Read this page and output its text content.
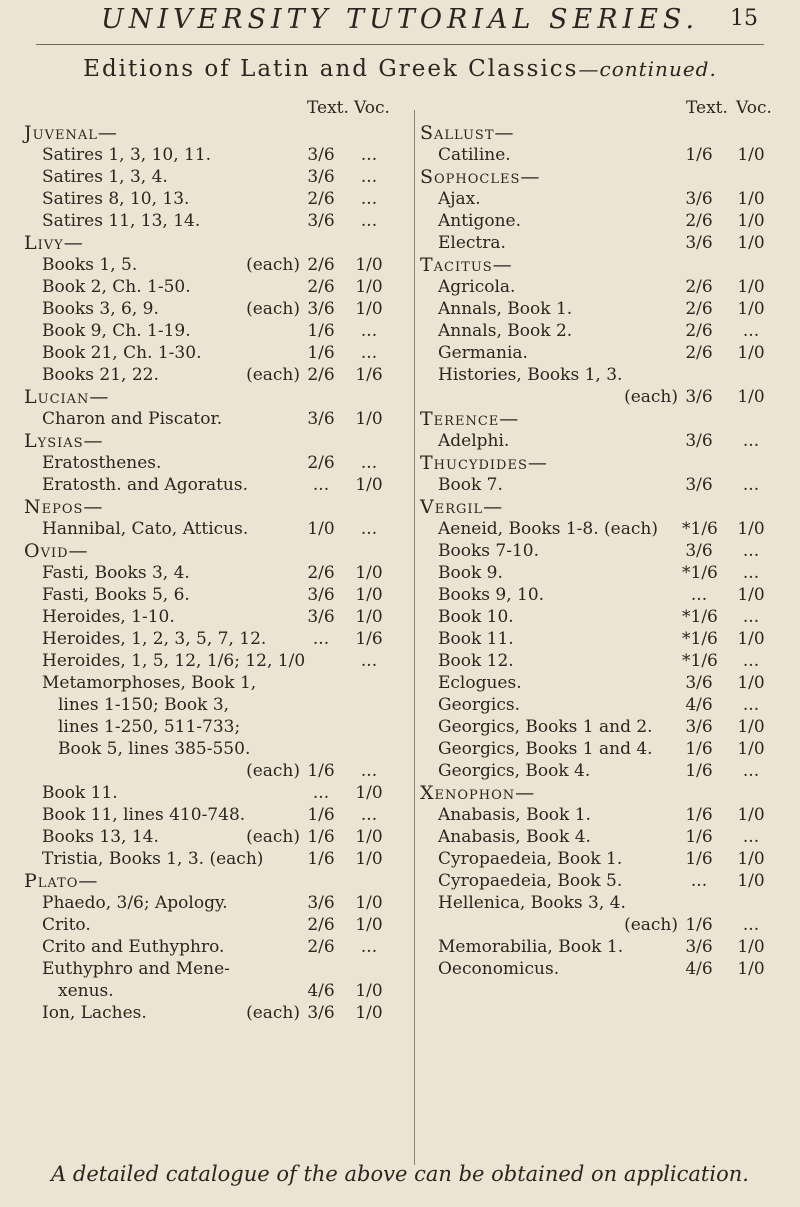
UNIVERSITY TUTORIAL SERIES.	15
Editions of Latin and Greek Classics—continued.
Text. Voc.
Juvenal—
Satires 1, 3, 10, 11.	3/6	...
Satires 1, 3, 4.	3/6	...
Satires 8, 10, 13.	2/6	...
Satires 11, 13, 14.	3/6	...
Livy—
Books 1, 5.	(each) 2/6 1/0
Book 2, Ch. 1-50.	2/6 1/0
Books 3, 6, 9.	(each) 3/6 1/0
Book 9, Ch. 1-19.	1/6	...
Book 21, Ch. 1-30.	1/6	...
Books 21, 22.	(each) 2/6 1/6
Lucian—
Charon and Piscator.	3/6 1/0
Lysias—
Eratosthenes.	2/6	...
Eratosth. and Agoratus.	...	1/0
Nepos—
Hannibal, Cato, Atticus.	1/0	...
Ovid—
Fasti, Books 3, 4.	2/6 1/0
Fasti, Books 5, 6.	3/6 1/0
Heroides, 1-10.	3/6 1/0
Heroides, 1, 2, 3, 5, 7, 12.	...	1/6
Heroides, 1, 5, 12, 1/6; 12, 1/0	...
Metamorphoses, Book 1,
lines 1-150; Book 3,
lines 1-250, 511-733;
Book 5, lines 385-550.
(each) 1/6	...
Book 11.	...	1/0
Book 11, lines 410-748.	1/6	...
Books 13, 14.	(each) 1/6 1/0
Tristia, Books 1, 3. (each)	1/6 1/0
Plato—
Phaedo, 3/6; Apology.	3/6 1/0
Crito.	2/6 1/0
Crito and Euthyphro.	2/6	...
Euthyphro and Mene-
xenus.	4/6 1/0
Ion, Laches.	(each) 3/6 1/0
Text. Voc.
Sallust—
Catiline.	1/6 1/0
Sophocles—
Ajax.	3/6 1/0
Antigone.	2/6 1/0
Electra.	3/6 1/0
Tacitus—
Agricola.	2/6 1/0
Annals, Book 1.	2/6 1/0
Annals, Book 2.	2/6	...
Germania.	2/6 1/0
Histories, Books 1, 3.
(each) 3/6 1/0
Terence—
Adelphi.	3/6	...
Thucydides—
Book 7.	3/6	...
Vergil—
Aeneid, Books 1-8. (each) *1/6 1/0
Books 7-10.	3/6	...
Book 9.	*1/6	...
Books 9, 10.	...	1/0
Book 10.	*1/6	...
Book 11.	*1/6 1/0
Book 12.	*1/6	...
Eclogues.	3/6 1/0
Georgics.	4/6	...
Georgics, Books 1 and 2. 3/6 1/0
Georgics, Books 1 and 4. 1/6 1/0
Georgics, Book 4.	1/6	...
Xenophon—
Anabasis, Book 1.	1/6 1/0
Anabasis, Book 4.	1/6	...
Cyropaedeia, Book 1.	1/6 1/0
Cyropaedeia, Book 5.	...	1/0
Hellenica, Books 3, 4.
(each) 1/6	...
Memorabilia, Book 1.	3/6 1/0
Oeconomicus.	4/6 1/0
A detailed catalogue of the above can be obtained on application.
